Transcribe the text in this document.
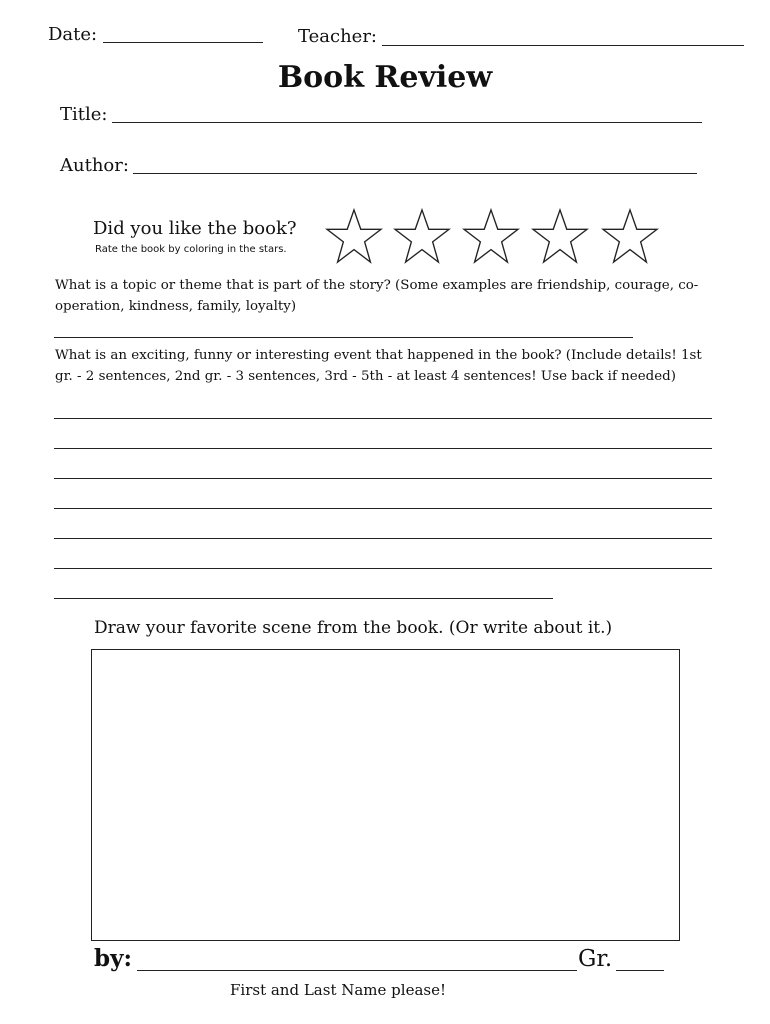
Date:	Teacher:
Book Review
Title:
Author:
Did you like the book?
Rate the book by coloring in the stars.
What is a topic or theme that is part of the story? (Some examples are friendship, courage, co-operation, kindness, family, loyalty)
What is an exciting, funny or interesting event that happened in the book? (Include details! 1st gr. - 2 sentences, 2nd gr. - 3 sentences, 3rd - 5th - at least 4 sentences! Use back if needed)
Draw your favorite scene from the book. (Or write about it.)
by:	Gr.
First and Last Name please!
